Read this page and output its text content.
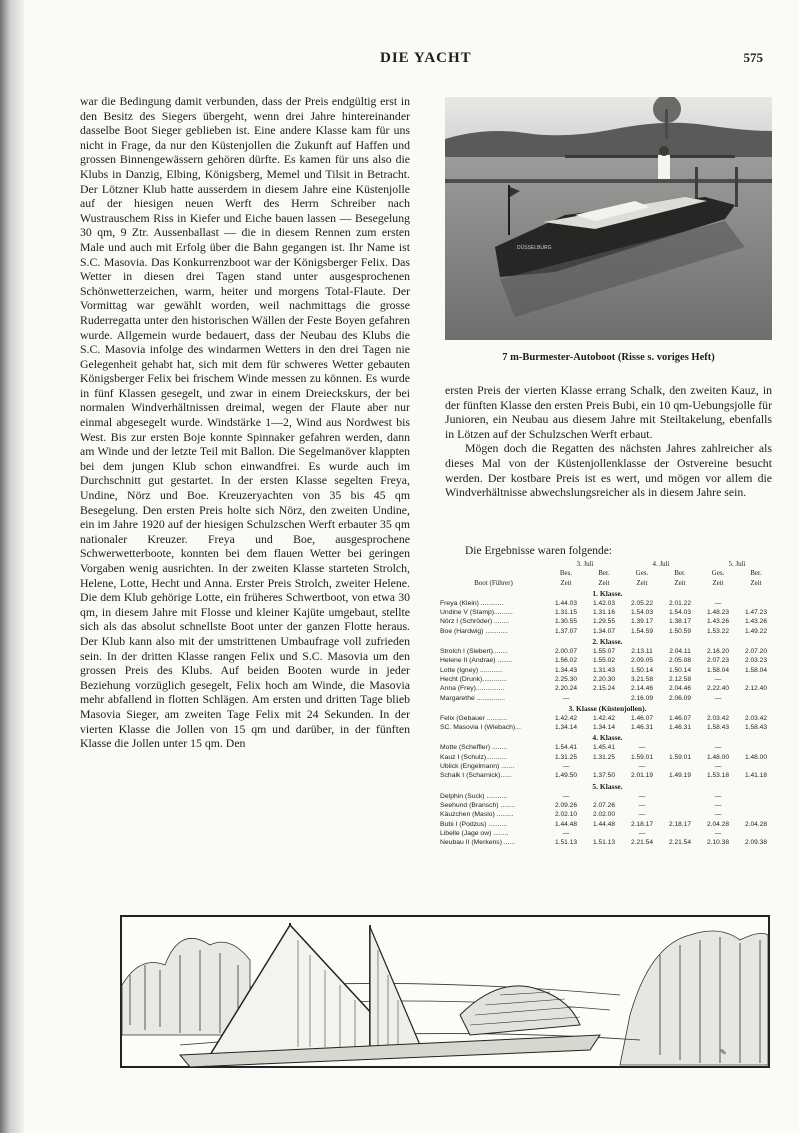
DIE YACHT	575

war die Bedingung damit verbunden, dass der Preis endgültig erst in den Besitz des Siegers übergeht, wenn drei Jahre hintereinander dasselbe Boot Sieger geblieben ist. Eine andere Klasse kam für uns nicht in Frage, da nur den Küstenjollen die Zukunft auf Haffen und grossen Binnengewässern gehören dürfte. Es kamen für uns also die Klubs in Danzig, Elbing, Königsberg, Memel und Tilsit in Betracht. Der Lötzner Klub hatte ausserdem in diesem Jahre eine Küstenjolle auf der hiesigen neuen Werft des Herrn Schreiber nach Wustrauschem Riss in Kiefer und Eiche bauen lassen — Besegelung 30 qm, 9 Ztr. Aussenballast — die in diesem Rennen zum ersten Male und auch mit Erfolg über die Bahn gegangen ist. Ihr Name ist S.C. Masovia. Das Konkurrenzboot war der Königsberger Felix. Das Wetter in diesen drei Tagen stand unter ausgesprochenen Schönwetterzeichen, warm, heiter und morgens Total-Flaute. Der Vormittag war gewählt worden, weil nachmittags die grosse Ruderregatta unter den historischen Wällen der Feste Boyen gefahren wurde. Allgemein wurde bedauert, dass der Neubau des Klubs die S.C. Masovia infolge des windarmen Wetters in den drei Tagen nie Gelegenheit gehabt hat, sich mit dem für schweres Wetter gebauten Königsberger Felix bei frischem Winde messen zu können. Es wurde in fünf Klassen gesegelt, und zwar in einem Dreieckskurs, der bei normalen Windverhältnissen dreimal, wegen der Flaute aber nur einmal abgesegelt wurde. Windstärke 1—2, Wind aus Nordwest bis West. Bis zur ersten Boje konnte Spinnaker gefahren werden, dann am Winde und der letzte Teil mit Ballon. Die Segelmanöver klappten bei dem jungen Klub schon einwandfrei. Es wurde auch im Durchschnitt gut gestartet. In der ersten Klasse segelten Freya, Undine, Nörz und Boe. Kreuzeryachten von 35 bis 45 qm Besegelung. Den ersten Preis holte sich Nörz, den zweiten Undine, ein im Jahre 1920 auf der hiesigen Schulzschen Werft erbauter 35 qm nationaler Kreuzer. Freya und Boe, ausgesprochene Schwerwetterboote, konnten bei dem flauen Wetter bei geringen Vorgaben wenig ausrichten. In der zweiten Klasse starteten Strolch, Helene, Lotte, Hecht und Anna. Erster Preis Strolch, zweiter Helene. Die dem Klub gehörige Lotte, ein früheres Schwertboot, von etwa 30 qm, in diesem Jahre mit Flosse und kleiner Kajüte umgebaut, stellte sich als das absolut schnellste Boot unter der ganzen Flotte heraus. Der Klub kann also mit der umstrittenen Umbaufrage voll zufrieden sein. In der dritten Klasse rangen Felix und S.C. Masovia um den grossen Preis des Klubs. Auf beiden Booten wurde in jeder Beziehung vorzüglich gesegelt, Felix hoch am Winde, die Masovia mehr abfallend in flotten Schlägen. Am ersten und dritten Tage blieb Masovia Sieger, am zweiten Tage Felix mit 24 Sekunden. In der vierten Klasse die Jollen von 15 qm und darüber, in der fünften Klasse die Jollen unter 15 qm. Den

DÜSSELBURG
7 m-Burmester-Autoboot (Risse s. voriges Heft)

ersten Preis der vierten Klasse errang Schalk, den zweiten Kauz, in der fünften Klasse den ersten Preis Bubi, ein 10 qm-Uebungsjolle für Junioren, ein Neubau aus diesem Jahre mit Steiltakelung, ebenfalls in Lötzen auf der Schulzschen Werft erbaut.

Mögen doch die Regatten des nächsten Jahres zahlreicher als dieses Mal von der Küstenjollenklasse der Ostvereine besucht werden. Der kostbare Preis ist es wert, und mögen vor allem die Windverhältnisse abwechslungsreicher als in diesem Jahre sein.

Die Ergebnisse waren folgende:
	3. Juli		4. Juli		5. Juli	
	Bes.	Ber.	Ges.	Ber.	Ges.	Ber.
Boot (Führer)	Zeit	Zeit	Zeit	Zeit	Zeit	Zeit
1. Klasse.						
Freya (Klein) ............	1.44.03	1.42.03	2.05.22	2.01.22	—	
Undine V (Stamp)..........	1.31.15	1.31.16	1.54.03	1.54.03	1.48.23	1.47.23
Nörz I (Schröder) ........	1.30.55	1.29.55	1.39.17	1.38.17	1.43.26	1.43.26
Boe (Hardwig) ............	1.37.07	1.34.07	1.54.59	1.50.59	1.53.22	1.49.22
2. Klasse.						
Strolch I (Siebert)........	2.00.07	1.55.07	2.13.11	2.04.11	2.16.20	2.07.20
Helene II (Andrae) ........	1.56.02	1.55.02	2.09.05	2.05.08	2.07.23	2.03.23
Lotte (Igney) ............	1.34.43	1.31.43	1.50.14	1.50.14	1.58.04	1.58.04
Hecht (Drunk).............	2.25.30	2.20.30	3.21.58	2.12.58	—	
Anna (Frey)...............	2.20.24	2.15.24	2.14.46	2.04.46	2.22.40	2.12.40
Margarethe ...............	—		2.16.09	2.06.09	—	
3. Klasse (Küstenjollen).						
Felix (Gebauer ...........	1.42.42	1.42.42	1.46.07	1.46.07	2.03.42	2.03.42
SC. Masovia I (Wiebach)...	1.34.14	1.34.14	1.46.31	1.46.31	1.58.43	1.58.43
4. Klasse.						
Motte (Scheffler) ........	1.54.41	1.45.41	—		—	
Kauz I (Schulz)...........	1.31.25	1.31.25	1.59.01	1.59.01	1.48.00	1.48.00
Ublick (Engelmann) .......	—		—		—	
Schalk I (Scharnick)......	1.49.50	1.37.50	2.01.19	1.49.19	1.53.18	1.41.18
5. Klasse.						
Delphin (Suck) ...........	—		—		—	
Seehund (Bransch) ........	2.09.26	2.07.26	—		—	
Käuzchen (Maslo) .........	2.02.10	2.02.00	—		—	
Bubi I (Podzus) ..........	1.44.48	1.44.48	2.18.17	2.18.17	2.04.28	2.04.28
Libelle (Jage ow) ........	—		—		—	
Neubau II (Merkens) ......	1.51.13	1.51.13	2.21.54	2.21.54	2.10.38	2.09.38
✎
